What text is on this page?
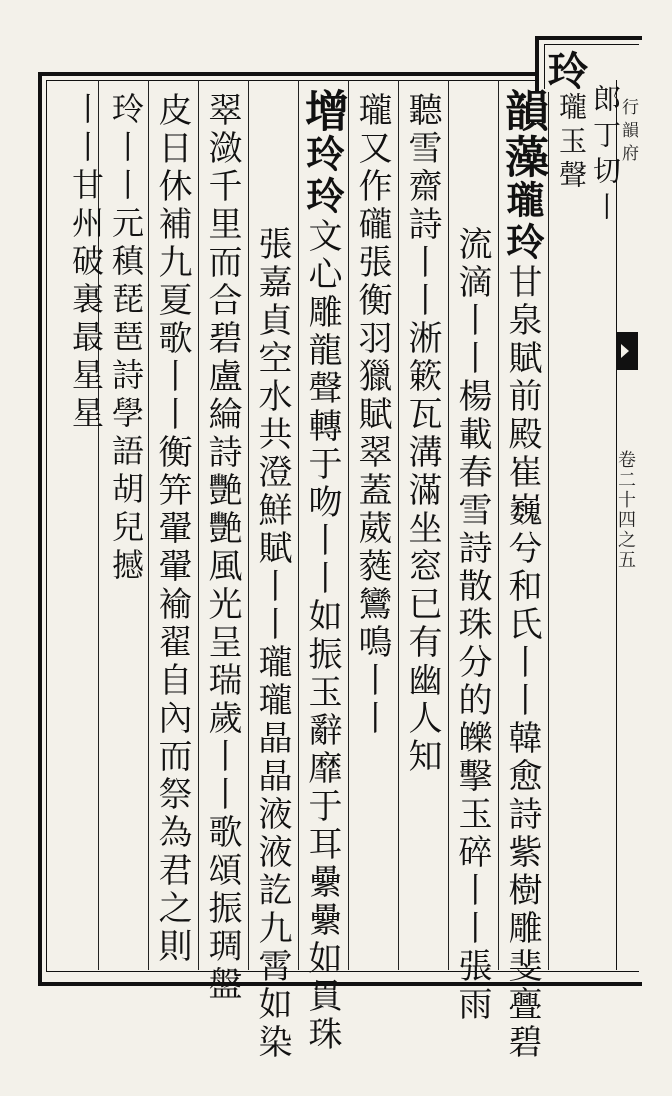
玲
郎丁切丨
瓏玉聲 行韻府
卷二十四之五
韻藻瓏玲甘泉賦前殿崔巍兮和氏丨丨韓愈詩紫樹雕斐亹碧
流滴丨丨楊載春雪詩散珠分的皪擊玉碎丨丨張雨
聽雪齋詩丨丨淅簌瓦溝滿坐窓已有幽人知
瓏又作礲張衡羽獵賦翠蓋葳蕤鸞鳴丨丨
增玲玲文心雕龍聲轉于吻丨丨如振玉辭靡于耳纍纍如貫珠
張嘉貞空水共澄鮮賦丨丨瓏瓏晶晶液液訖九霄如染
翠潋千里而合碧盧綸詩艷艷風光呈瑞歲丨丨歌頌振琱盤
皮日休補九夏歌丨丨衡笄翬翬褕翟自內而祭為君之則
玲丨丨元稹琵琶詩學語胡兒撼
丨丨甘州破裏最星星
